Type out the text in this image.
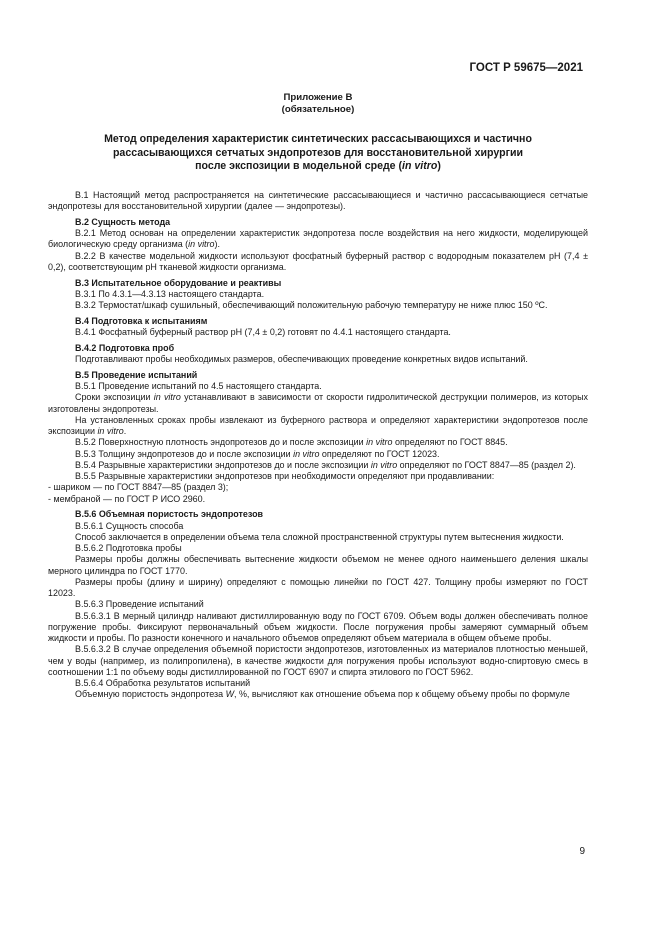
ГОСТ Р 59675—2021
Приложение В
(обязательное)
Метод определения характеристик синтетических рассасывающихся и частично
рассасывающихся сетчатых эндопротезов для восстановительной хирургии
после экспозиции в модельной среде (in vitro)

В.1 Настоящий метод распространяется на синтетические рассасывающиеся и частично рассасывающиеся сетчатые эндопротезы для восстановительной хирургии (далее — эндопротезы).

В.2 Сущность метода

В.2.1 Метод основан на определении характеристик эндопротеза после воздействия на него жидкости, моделирующей биологическую среду организма (in vitro).

В.2.2 В качестве модельной жидкости используют фосфатный буферный раствор с водородным показателем рН (7,4 ± 0,2), соответствующим рН тканевой жидкости организма.

В.3 Испытательное оборудование и реактивы

В.3.1 По 4.3.1—4.3.13 настоящего стандарта.

В.3.2 Термостат/шкаф сушильный, обеспечивающий положительную рабочую температуру не ниже плюс 150 ºС.

В.4 Подготовка к испытаниям

В.4.1 Фосфатный буферный раствор рН (7,4 ± 0,2) готовят по 4.4.1 настоящего стандарта.

В.4.2 Подготовка проб

Подготавливают пробы необходимых размеров, обеспечивающих проведение конкретных видов испытаний.

В.5 Проведение испытаний

В.5.1 Проведение испытаний по 4.5 настоящего стандарта.

Сроки экспозиции in vitro устанавливают в зависимости от скорости гидролитической деструкции полимеров, из которых изготовлены эндопротезы.

На установленных сроках пробы извлекают из буферного раствора и определяют характеристики эндопротезов после экспозиции in vitro.

В.5.2 Поверхностную плотность эндопротезов до и после экспозиции in vitro определяют по ГОСТ 8845.

В.5.3 Толщину эндопротезов до и после экспозиции in vitro определяют по ГОСТ 12023.

В.5.4 Разрывные характеристики эндопротезов до и после экспозиции in vitro определяют по ГОСТ 8847—85 (раздел 2).

В.5.5 Разрывные характеристики эндопротезов при необходимости определяют при продавливании:

- шариком — по ГОСТ 8847—85 (раздел 3);

- мембраной — по ГОСТ Р ИСО 2960.

В.5.6 Объемная пористость эндопротезов

В.5.6.1 Сущность способа

Способ заключается в определении объема тела сложной пространственной структуры путем вытеснения жидкости.

В.5.6.2 Подготовка пробы

Размеры пробы должны обеспечивать вытеснение жидкости объемом не менее одного наименьшего деления шкалы мерного цилиндра по ГОСТ 1770.

Размеры пробы (длину и ширину) определяют с помощью линейки по ГОСТ 427. Толщину пробы измеряют по ГОСТ 12023.

В.5.6.3 Проведение испытаний

В.5.6.3.1 В мерный цилиндр наливают дистиллированную воду по ГОСТ 6709. Объем воды должен обеспечивать полное погружение пробы. Фиксируют первоначальный объем жидкости. После погружения пробы замеряют суммарный объем жидкости и пробы. По разности конечного и начального объемов определяют объем материала в общем объеме пробы.

В.5.6.3.2 В случае определения объемной пористости эндопротезов, изготовленных из материалов плотностью меньшей, чем у воды (например, из полипропилена), в качестве жидкости для погружения пробы используют водно-спиртовую смесь в соотношении 1:1 по объему воды дистиллированной по ГОСТ 6907 и спирта этилового по ГОСТ 5962.

В.5.6.4 Обработка результатов испытаний

Объемную пористость эндопротеза W, %, вычисляют как отношение объема пор к общему объему пробы по формуле

9
